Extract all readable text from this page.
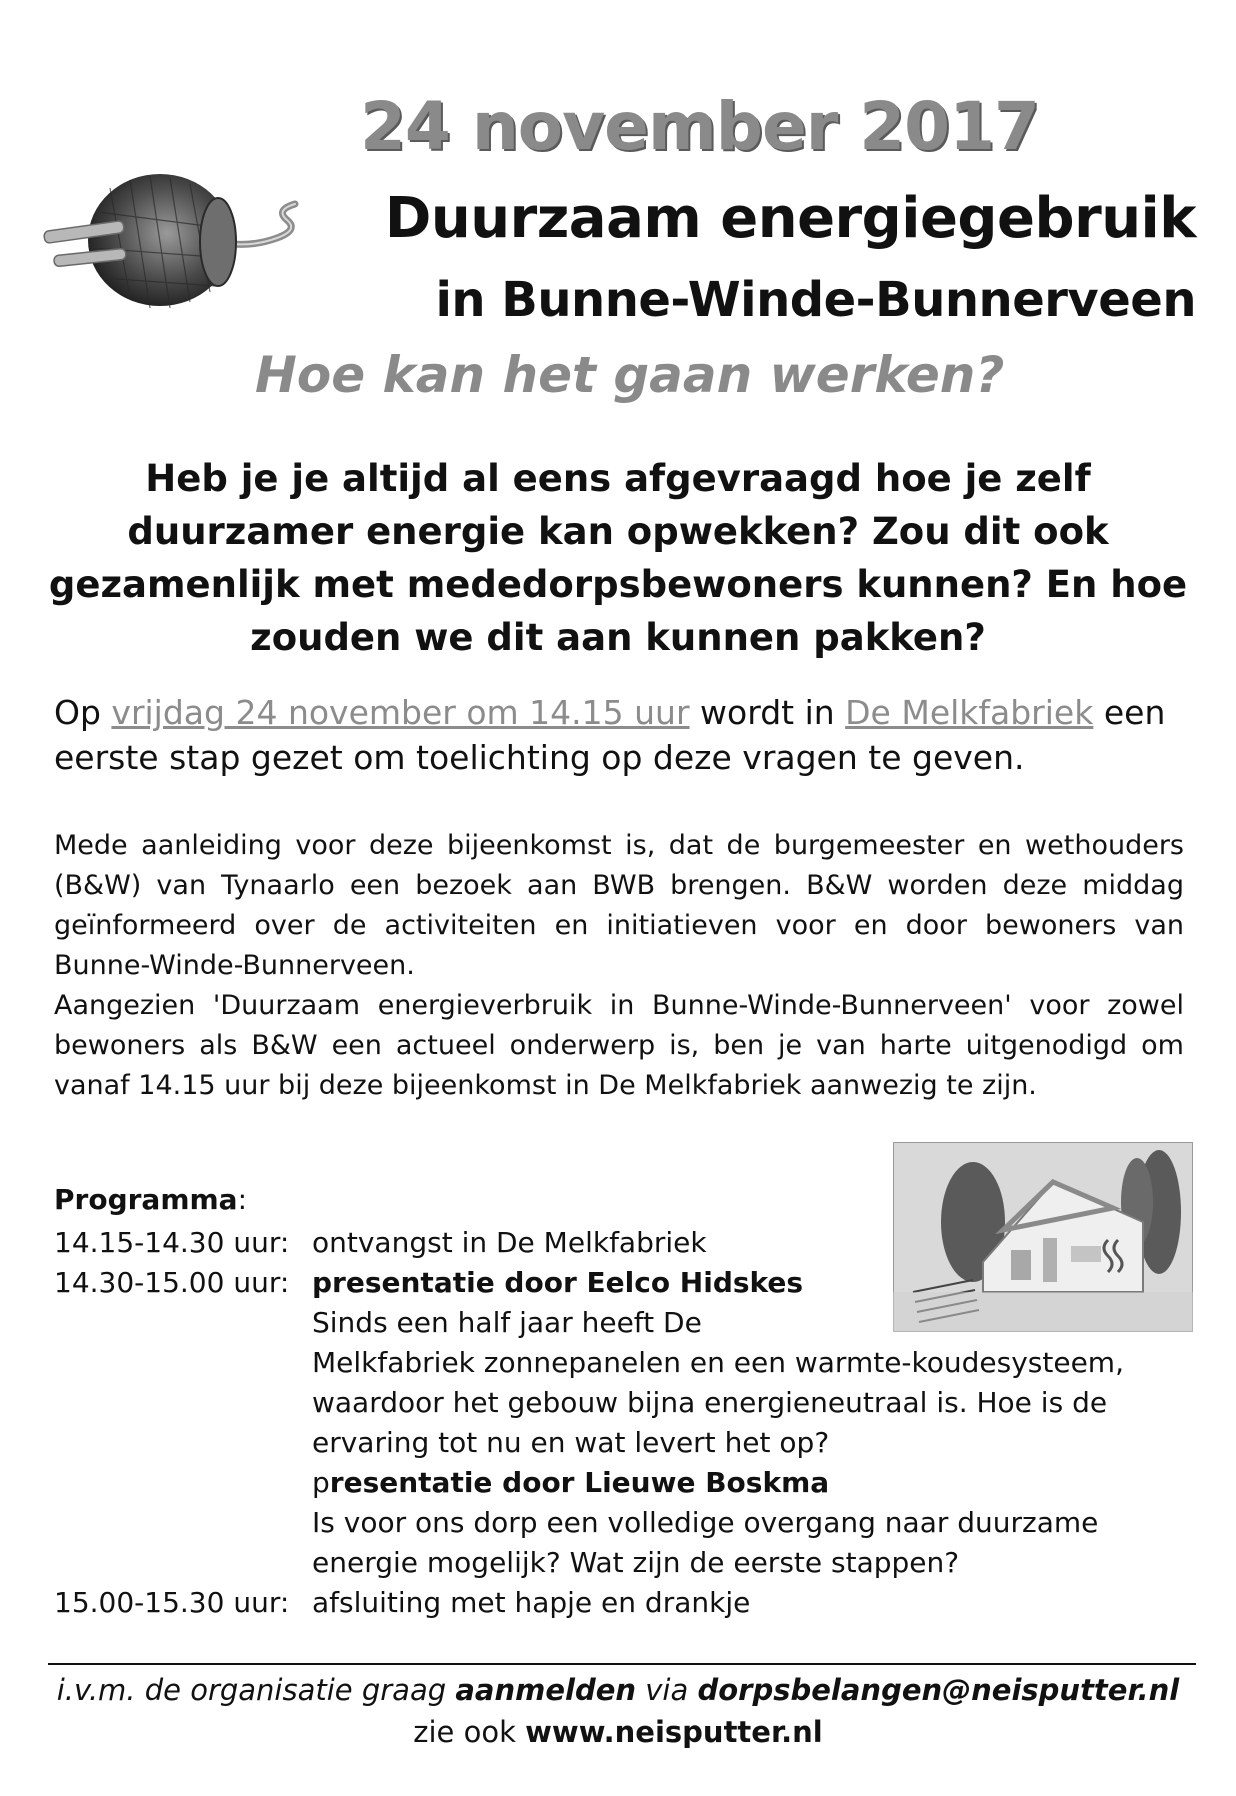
24 november 2017
Duurzaam energiegebruik
in Bunne-Winde-Bunnerveen
Hoe kan het gaan werken?

Heb je je altijd al eens afgevraagd hoe je zelf duurzamer energie kan opwekken? Zou dit ook gezamenlijk met mededorpsbewoners kunnen? En hoe zouden we dit aan kunnen pakken?

Op vrijdag 24 november om 14.15 uur wordt in De Melkfabriek een eerste stap gezet om toelichting op deze vragen te geven.

Mede aanleiding voor deze bijeenkomst is, dat de burgemeester en wethouders (B&W) van Tynaarlo een bezoek aan BWB brengen. B&W worden deze middag geïnformeerd over de activiteiten en initiatieven voor en door bewoners van Bunne-Winde-Bunnerveen.

Aangezien 'Duurzaam energieverbruik in Bunne-Winde-Bunnerveen' voor zowel bewoners als B&W een actueel onderwerp is, ben je van harte uitgenodigd om vanaf 14.15 uur bij deze bijeenkomst in De Melkfabriek aanwezig te zijn.

Programma:

14.15-14.30 uur: ontvangst in De Melkfabriek

14.30-15.00 uur: presentatie door Eelco Hidskes

Sinds een half jaar heeft De
Melkfabriek zonnepanelen en een warmte-koudesysteem,
waardoor het gebouw bijna energieneutraal is. Hoe is de
ervaring tot nu en wat levert het op?
presentatie door Lieuwe Boskma
Is voor ons dorp een volledige overgang naar duurzame
energie mogelijk? Wat zijn de eerste stappen?

15.00-15.30 uur: afsluiting met hapje en drankje

i.v.m. de organisatie graag aanmelden via dorpsbelangen@neisputter.nl

zie ook www.neisputter.nl
